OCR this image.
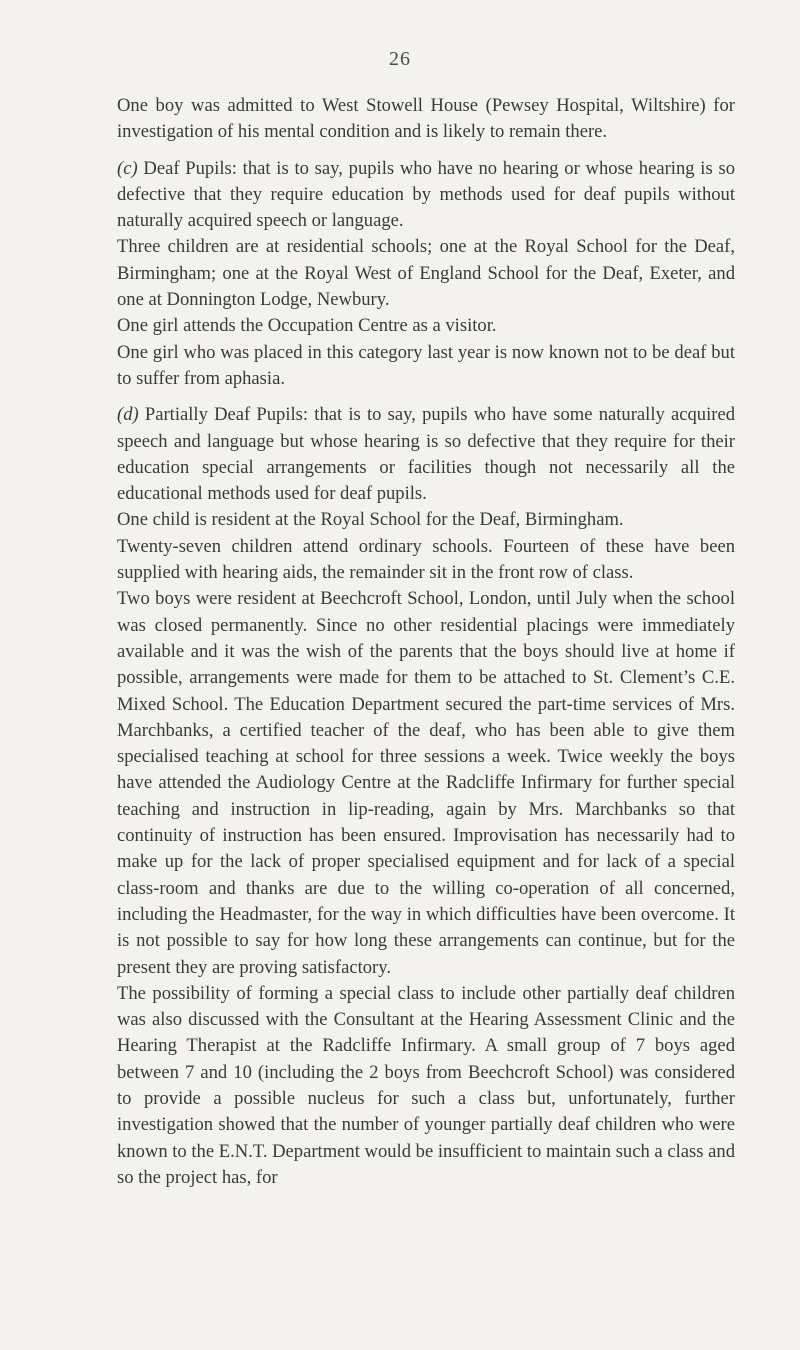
26

One boy was admitted to West Stowell House (Pewsey Hospital, Wiltshire) for investigation of his mental condition and is likely to remain there.

(c) Deaf Pupils: that is to say, pupils who have no hearing or whose hearing is so defective that they require education by methods used for deaf pupils without naturally acquired speech or language.

Three children are at residential schools; one at the Royal School for the Deaf, Birmingham; one at the Royal West of England School for the Deaf, Exeter, and one at Donnington Lodge, Newbury.

One girl attends the Occupation Centre as a visitor.

One girl who was placed in this category last year is now known not to be deaf but to suffer from aphasia.

(d) Partially Deaf Pupils: that is to say, pupils who have some naturally acquired speech and language but whose hearing is so defective that they require for their education special arrangements or facilities though not necessarily all the educational methods used for deaf pupils.

One child is resident at the Royal School for the Deaf, Birmingham.

Twenty-seven children attend ordinary schools. Fourteen of these have been supplied with hearing aids, the remainder sit in the front row of class.

Two boys were resident at Beechcroft School, London, until July when the school was closed permanently. Since no other residential placings were immediately available and it was the wish of the parents that the boys should live at home if possible, arrangements were made for them to be attached to St. Clement’s C.E. Mixed School. The Education Department secured the part-time services of Mrs. Marchbanks, a certified teacher of the deaf, who has been able to give them specialised teaching at school for three sessions a week. Twice weekly the boys have attended the Audiology Centre at the Radcliffe Infirmary for further special teaching and instruction in lip-reading, again by Mrs. Marchbanks so that continuity of instruction has been ensured. Improvisation has necessarily had to make up for the lack of proper specialised equipment and for lack of a special class-room and thanks are due to the willing co-operation of all concerned, including the Headmaster, for the way in which difficulties have been overcome. It is not possible to say for how long these arrangements can continue, but for the present they are proving satisfactory.

The possibility of forming a special class to include other partially deaf children was also discussed with the Consultant at the Hearing Assessment Clinic and the Hearing Therapist at the Radcliffe Infirmary. A small group of 7 boys aged between 7 and 10 (including the 2 boys from Beechcroft School) was considered to provide a possible nucleus for such a class but, unfortunately, further investigation showed that the number of younger partially deaf children who were known to the E.N.T. Department would be insufficient to maintain such a class and so the project has, for
